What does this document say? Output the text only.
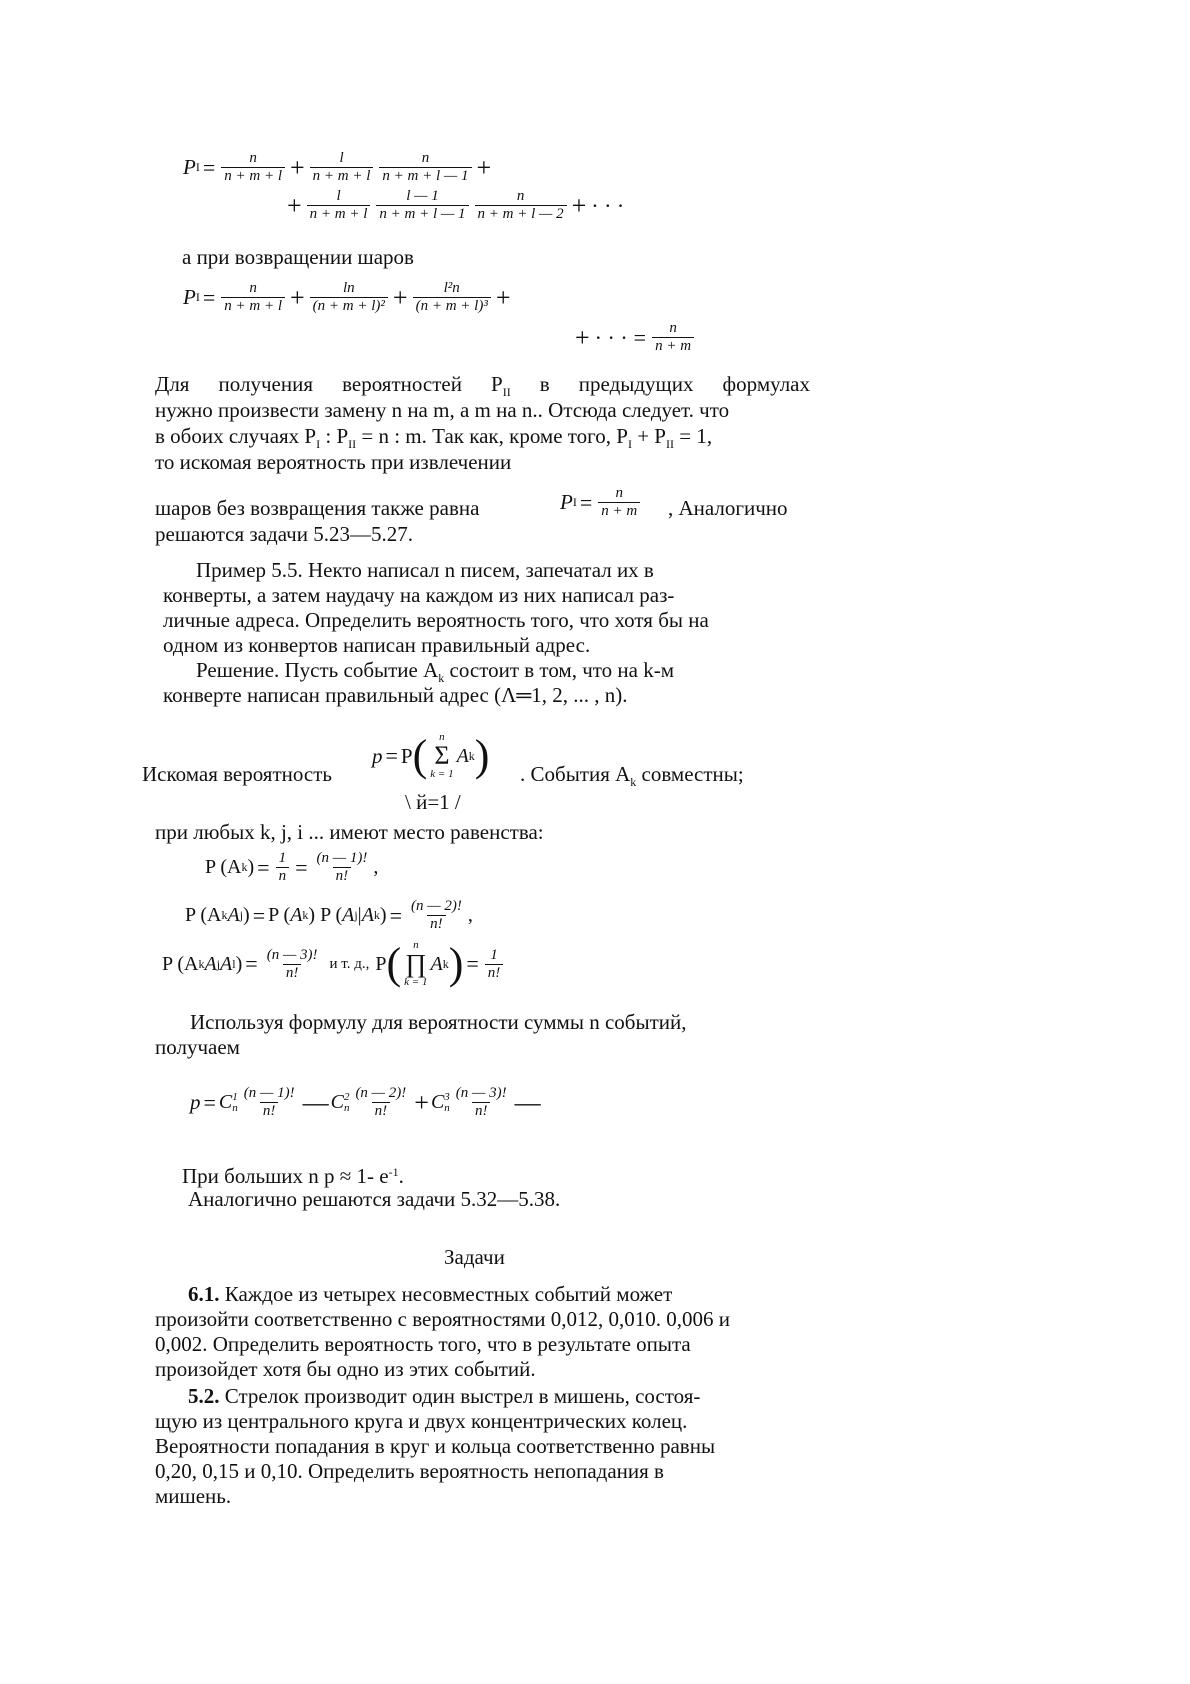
P $I = \frac{n}{n + m + l} + \frac{l}{n + m + l} \frac{n}{n + m + l — 1}$ +
+ $\frac{l}{n + m + l} \frac{l — 1}{n + m + l — 1} \frac{n}{n + m + l — 2}$ + · · ·
а при возвращении шаров
P $I = \frac{n}{n + m + l} + \frac{\ln}{\text{(n + m + l)²}} + \frac{\text{l²n}}{\text{(n + m + l)³}}$ +
+ · · · = $\frac{n}{n + m}$
Для получения вероятностей $P_{II}$ в предыдущих формулах
нужно произвести замену n на m, а m на n.. Отсюда следует. что
в обоих случаях $P_I$ : $P_{II} = n$ : m. Так как, кроме того, $P_I + P_{II} = 1$,
то искомая вероятность при извлечении
шаров без возвращения также равна	P $I = \frac{n}{n + m}$ , Аналогично
решаются задачи 5.23—5.27.
Пример 5.5. Некто написал n писем, запечатал их в
конверты, а затем наудачу на каждом из них написал раз-
личные адреса. Определить вероятность того, что хотя бы на
одном из конвертов написан правильный адрес.
Решение. Пусть событие $A_k$ состоит в том, что на k-м
конверте написан правильный адрес (Λ═1, 2, ... , n).
Искомая вероятность
p = P ( n
Σ
k = 1
A k ) . События $A_k$ совместны;
\ й=1 /
при любых k, j, i ... имеют место равенства:
P (A k ) = $\frac{1}{n} = \frac{(n — 1)!}{n!}$ ,
P (A k A j ) = P ( A k ) P ( A j | A k ) = $\frac{(n — 2)!}{n!}$ ,
P (A k A j A l ) = $\frac{(n — 3)!}{n!}$ и т. д., P ( n
∏
k = 1
A k ) = $\frac{1}{n!}$
Используя формулу для вероятности суммы n событий,
получаем
p = C 1
n $\frac{(n — 1)!}{n!}$ — C 2
n $\frac{(n — 2)!}{n!} + C$ 3
n $\frac{(n — 3)!}{n!}$ —
При больших n p ≈ 1- $e^{-1}$.
Аналогично решаются задачи 5.32—5.38.
Задачи
6.1. Каждое из четырех несовместных событий может
произойти соответственно с вероятностями 0,012, 0,010. 0,006 и
0,002. Определить вероятность того, что в результате опыта
произойдет хотя бы одно из этих событий.
5.2. Стрелок производит один выстрел в мишень, состоя-
щую из центрального круга и двух концентрических колец.
Вероятности попадания в круг и кольца соответственно равны
0,20, 0,15 и 0,10. Определить вероятность непопадания в
мишень.
